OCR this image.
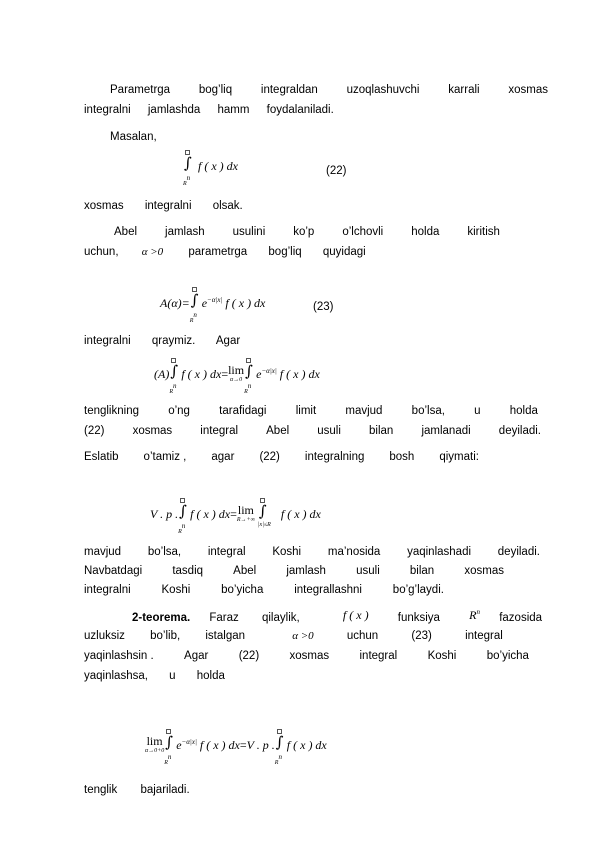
Parametrga	bog’liq	integraldan	uzoqlashuvchi	karrali	xosmas
integralni jamlashda hamm foydalaniladi.
Masalan,
∫
$R^n$
f ( x ) dx	(22)
xosmas integralni olsak.
Abel jamlash usulini ko’p o’lchovli holda kiritish
uchun, α >0 parametrga bog’liq quyidagi
A(α)= ∫
$R^n$
$e^{-\alpha|x|}$ f ( x ) dx	(23)
integralni qraymiz. Agar
(A) ∫
$R^n$
f ( x ) dx=lim
α→0 ∫
$R^n$
$e^{-\alpha|x|}$ f ( x ) dx
tenglikning	o’ng	tarafidagi	limit	mavjud	bo’lsa,	u	holda
(22) xosmas integral Abel usuli bilan jamlanadi deyiladi.
Eslatib o’tamiz , agar (22) integralning bosh qiymati:
V . p . ∫
$R^n$
f ( x ) dx=lim
R→+∞
∫
|x|≤R
f ( x ) dx
mavjud bo’lsa, integral Koshi ma’nosida yaqinlashadi deyiladi.
Navbatdagi	tasdiq	Abel	jamlash	usuli	bilan	xosmas
integralni	Koshi	bo’yicha	integrallashni	bo’g’laydi.
2-teorema. Faraz qilaylik,	f ( x )	funksiya $R^n$ fazosida
uzluksiz bo’lib, istalgan	α >0	uchun	(23)	integral
yaqinlashsin .	Agar	(22)	xosmas	integral	Koshi	bo’yicha
yaqinlashsa, u holda
lim
α→0+0 ∫
$R^n$
$e^{-\alpha|x|}$ f ( x ) dx=V . p . ∫
$R^n$
f ( x ) dx
tenglik bajariladi.
